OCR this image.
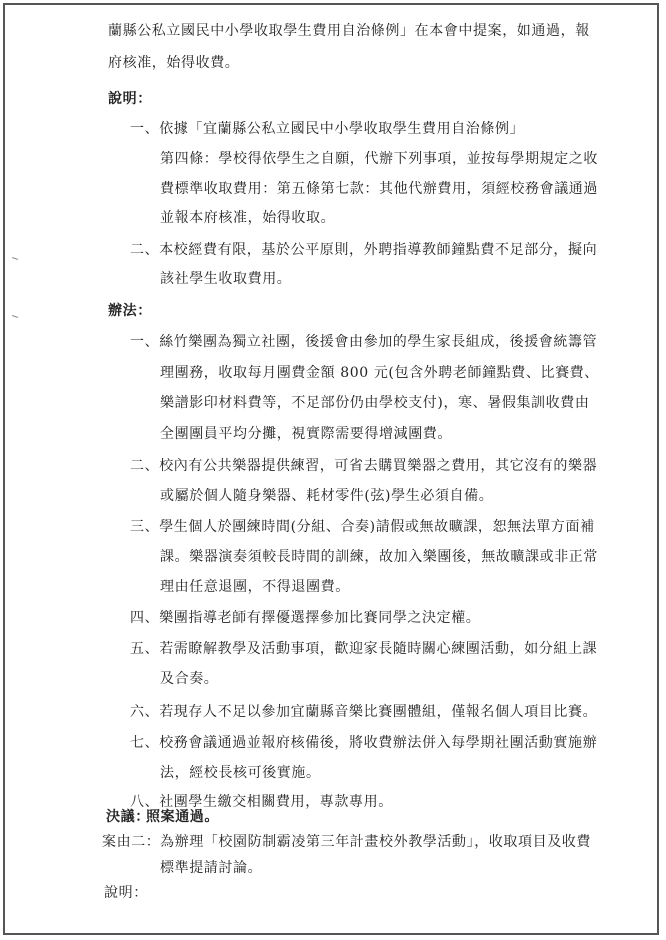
蘭縣公私立國民中小學收取學生費用自治條例」在本會中提案，如通過，報
府核准，始得收費。
說明：
一、依據「宜蘭縣公私立國民中小學收取學生費用自治條例」
第四條：學校得依學生之自願，代辦下列事項，並按每學期規定之收
費標準收取費用：第五條第七款：其他代辦費用，須經校務會議通過
並報本府核准，始得收取。
二、本校經費有限，基於公平原則，外聘指導教師鐘點費不足部分，擬向
該社學生收取費用。
辦法：
一、絲竹樂團為獨立社團，後援會由參加的學生家長組成，後援會統籌管
理團務，收取每月團費金額 800 元(包含外聘老師鐘點費、比賽費、
樂譜影印材料費等，不足部份仍由學校支付)，寒、暑假集訓收費由
全團團員平均分攤，視實際需要得增減團費。
二、校內有公共樂器提供練習，可省去購買樂器之費用，其它沒有的樂器
或屬於個人隨身樂器、耗材零件(弦)學生必須自備。
三、學生個人於團練時間(分組、合奏)請假或無故曠課，恕無法單方面補
課。樂器演奏須較長時間的訓練，故加入樂團後，無故曠課或非正常
理由任意退團，不得退團費。
四、樂團指導老師有擇優選擇參加比賽同學之決定權。
五、若需瞭解教學及活動事項，歡迎家長隨時關心練團活動，如分組上課
及合奏。
六、若現存人不足以參加宜蘭縣音樂比賽團體組，僅報名個人項目比賽。
七、校務會議通過並報府核備後，將收費辦法併入每學期社團活動實施辦
法，經校長核可後實施。
八、社團學生繳交相關費用，專款專用。
決議：
照案通過。
案由二： 為辦理「校園防制霸凌第三年計畫校外教學活動」，收取項目及收費
標準提請討論。
說明：
